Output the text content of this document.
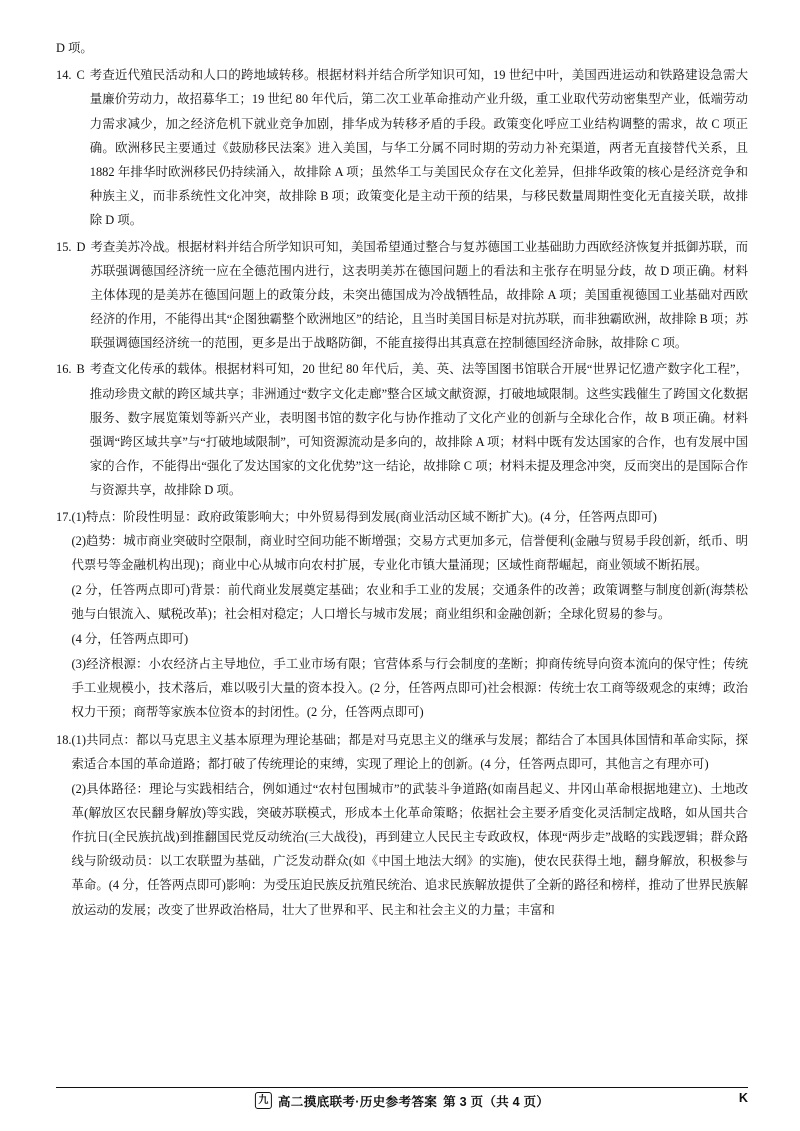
D 项。
14. C 考查近代殖民活动和人口的跨地域转移。根据材料并结合所学知识可知，19 世纪中叶，美国西进运动和铁路建设急需大量廉价劳动力，故招募华工；19 世纪 80 年代后，第二次工业革命推动产业升级，重工业取代劳动密集型产业，低端劳动力需求减少，加之经济危机下就业竞争加剧，排华成为转移矛盾的手段。政策变化呼应工业结构调整的需求，故 C 项正确。欧洲移民主要通过《鼓励移民法案》进入美国，与华工分属不同时期的劳动力补充渠道，两者无直接替代关系，且 1882 年排华时欧洲移民仍持续涌入，故排除 A 项；虽然华工与美国民众存在文化差异，但排华政策的核心是经济竞争和种族主义，而非系统性文化冲突，故排除 B 项；政策变化是主动干预的结果，与移民数量周期性变化无直接关联，故排除 D 项。
15. D 考查美苏冷战。根据材料并结合所学知识可知，美国希望通过整合与复苏德国工业基础助力西欧经济恢复并抵御苏联，而苏联强调德国经济统一应在全德范围内进行，这表明美苏在德国问题上的看法和主张存在明显分歧，故 D 项正确。材料主体体现的是美苏在德国问题上的政策分歧，未突出德国成为冷战牺牲品，故排除 A 项；美国重视德国工业基础对西欧经济的作用，不能得出其“企图独霸整个欧洲地区”的结论，且当时美国目标是对抗苏联，而非独霸欧洲，故排除 B 项；苏联强调德国经济统一的范围，更多是出于战略防御，不能直接得出其真意在控制德国经济命脉，故排除 C 项。
16. B 考查文化传承的载体。根据材料可知，20 世纪 80 年代后，美、英、法等国图书馆联合开展“世界记忆遗产数字化工程”，推动珍贵文献的跨区域共享；非洲通过“数字文化走廊”整合区域文献资源，打破地域限制。这些实践催生了跨国文化数据服务、数字展览策划等新兴产业，表明图书馆的数字化与协作推动了文化产业的创新与全球化合作，故 B 项正确。材料强调“跨区域共享”与“打破地域限制”，可知资源流动是多向的，故排除 A 项；材料中既有发达国家的合作，也有发展中国家的合作，不能得出“强化了发达国家的文化优势”这一结论，故排除 C 项；材料未提及理念冲突，反而突出的是国际合作与资源共享，故排除 D 项。
17. (1)特点：阶段性明显：政府政策影响大；中外贸易得到发展(商业活动区域不断扩大)。(4 分，任答两点即可)
(2)趋势：城市商业突破时空限制，商业时空间功能不断增强；交易方式更加多元，信誉便利(金融与贸易手段创新，纸币、明代票号等金融机构出现)；商业中心从城市向农村扩展，专业化市镇大量涌现；区域性商帮崛起，商业领域不断拓展。
(2 分，任答两点即可)背景：前代商业发展奠定基础；农业和手工业的发展；交通条件的改善；政策调整与制度创新(海禁松弛与白银流入、赋税改革)；社会相对稳定；人口增长与城市发展；商业组织和金融创新；全球化贸易的参与。
(4 分，任答两点即可)
(3)经济根源：小农经济占主导地位，手工业市场有限；官营体系与行会制度的垄断；抑商传统导向资本流向的保守性；传统手工业规模小，技术落后，难以吸引大量的资本投入。(2 分，任答两点即可)社会根源：传统士农工商等级观念的束缚；政治权力干预；商帮等家族本位资本的封闭性。(2 分，任答两点即可)
18. (1)共同点：都以马克思主义基本原理为理论基础；都是对马克思主义的继承与发展；都结合了本国具体国情和革命实际，探索适合本国的革命道路；都打破了传统理论的束缚，实现了理论上的创新。(4 分，任答两点即可，其他言之有理亦可)
(2)具体路径：理论与实践相结合，例如通过“农村包围城市”的武装斗争道路(如南昌起义、井冈山革命根据地建立)、土地改革(解放区农民翻身解放)等实践，突破苏联模式，形成本土化革命策略；依据社会主要矛盾变化灵活制定战略，如从国共合作抗日(全民族抗战)到推翻国民党反动统治(三大战役)，再到建立人民民主专政政权，体现“两步走”战略的实践逻辑；群众路线与阶级动员：以工农联盟为基础，广泛发动群众(如《中国土地法大纲》的实施)，使农民获得土地，翻身解放，积极参与革命。(4 分，任答两点即可)影响：为受压迫民族反抗殖民统治、追求民族解放提供了全新的路径和榜样，推动了世界民族解放运动的发展；改变了世界政治格局，壮大了世界和平、民主和社会主义的力量；丰富和
九 高二摸底联考·历史参考答案 第 3 页（共 4 页）	K
